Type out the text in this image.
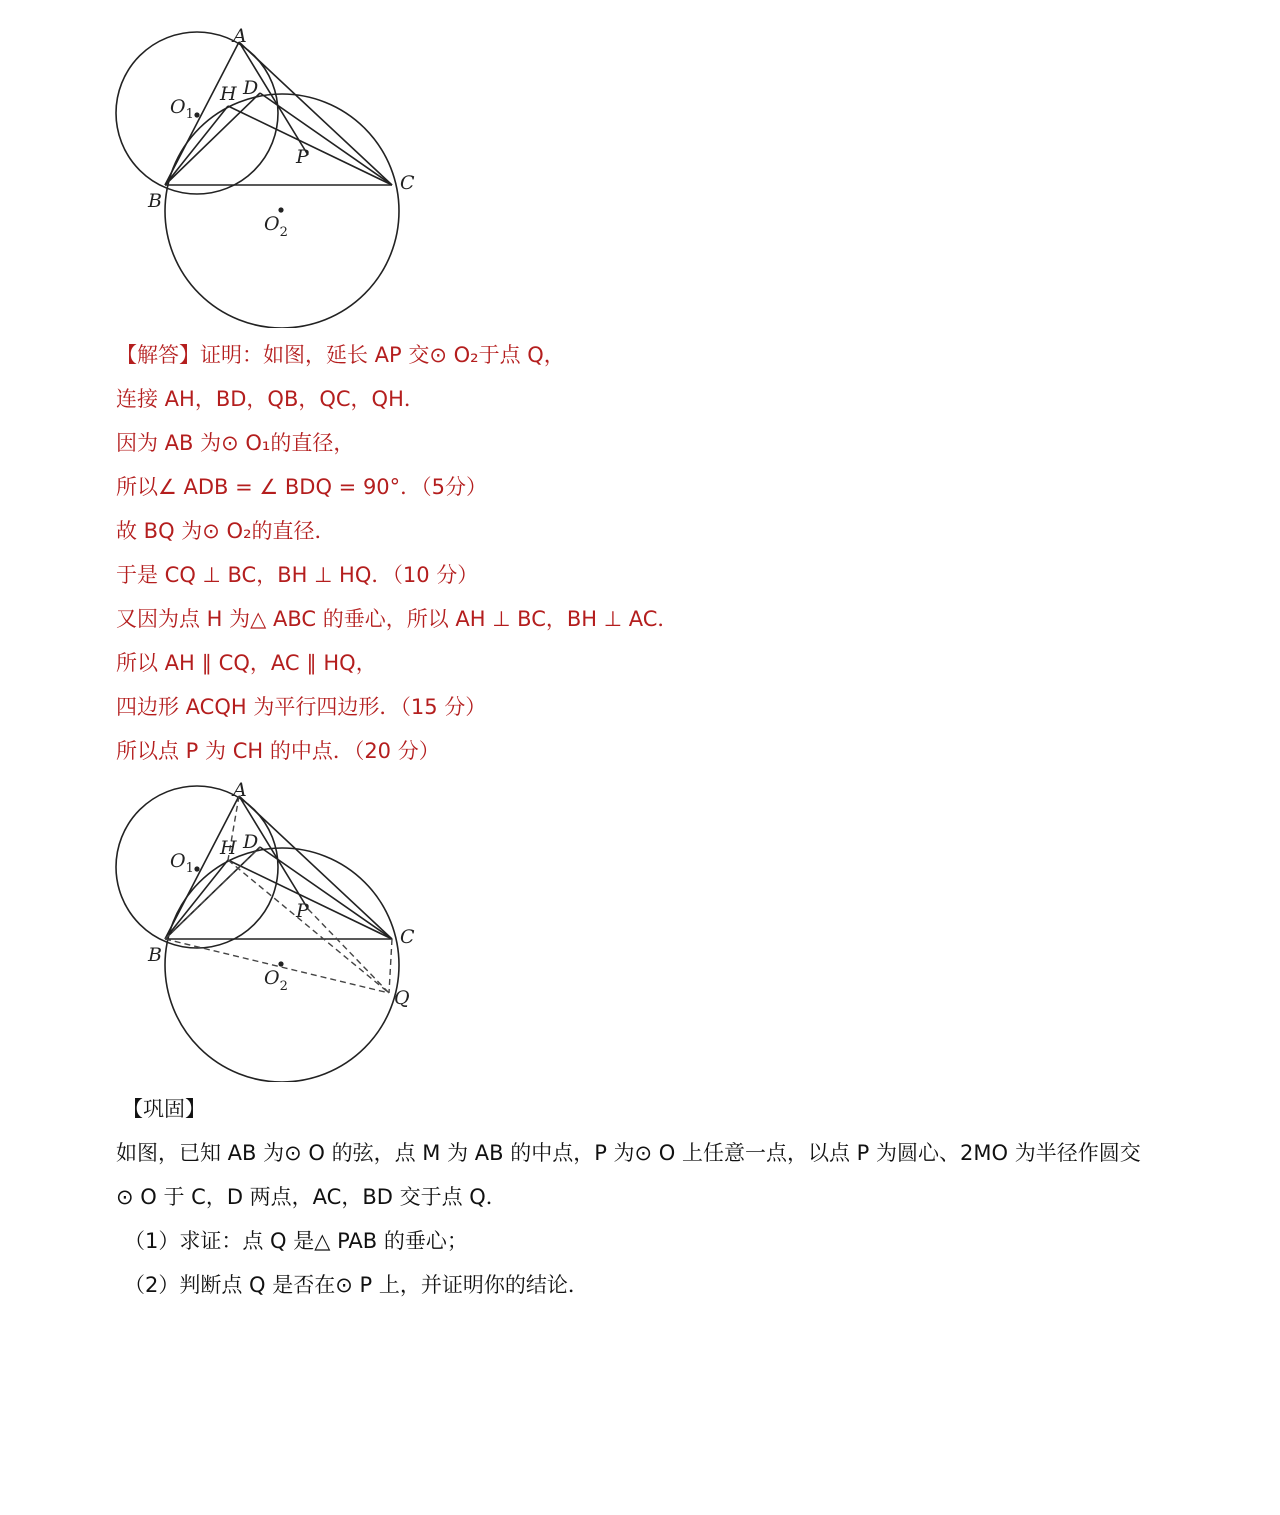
A
D
H
$O_1$
P
B
C
$O_2$
【解答】证明：如图，延长 AP 交⊙ O₂于点 Q，
连接 AH，BD，QB，QC，QH．
因为 AB 为⊙ O₁的直径，
所以∠ ADB = ∠ BDQ = 90°．（5分）
故 BQ 为⊙ O₂的直径．
于是 CQ ⊥ BC，BH ⊥ HQ．（10 分）
又因为点 H 为△ ABC 的垂心，所以 AH ⊥ BC，BH ⊥ AC．
所以 AH ∥ CQ，AC ∥ HQ，
四边形 ACQH 为平行四边形．（15 分）
所以点 P 为 CH 的中点．（20 分）
A
D
H
$O_1$
P
B
C
$O_2$
Q
【巩固】
如图，已知 AB 为⊙ O 的弦，点 M 为 AB 的中点，P 为⊙ O 上任意一点，以点 P 为圆心、2MO 为半径作圆交
⊙ O 于 C，D 两点，AC，BD 交于点 Q．
（1）求证：点 Q 是△ PAB 的垂心；
（2）判断点 Q 是否在⊙ P 上，并证明你的结论．
